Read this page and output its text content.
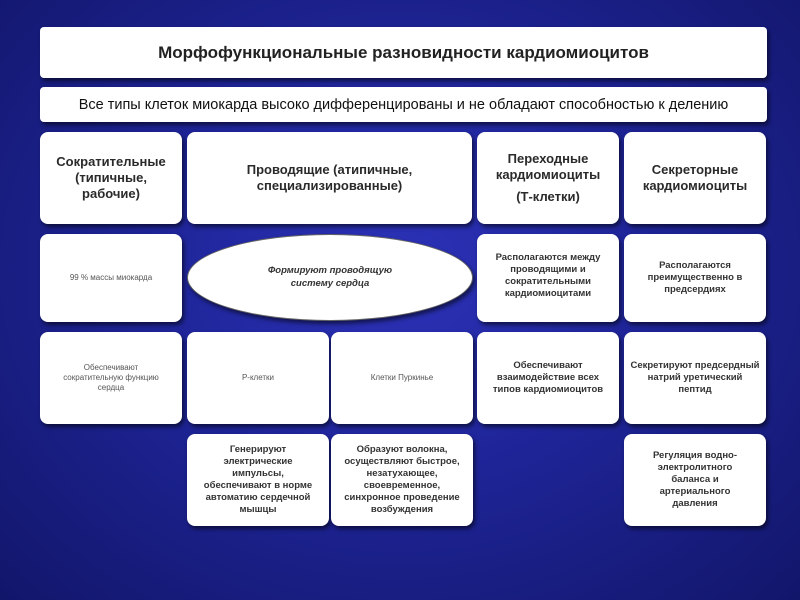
Морфофункциональные разновидности кардиомиоцитов
Все типы клеток миокарда высоко дифференцированы и не обладают способностью к делению
Сократительные (типичные, рабочие)
Проводящие (атипичные, специализированные)

Переходные кардиомиоциты

(Т-клетки)

Секреторные кардиомиоциты
99 % массы миокарда
Формируют проводящую систему сердца
Располагаются между проводящими и сократительными кардиомиоцитами
Располагаются преимущественно в предсердиях
Обеспечивают сократительную функцию сердца
Р-клетки	Клетки Пуркинье
Обеспечивают взаимодействие всех типов кардиомиоцитов
Секретируют предсердный натрий уретический пептид
Генерируют электрические импульсы, обеспечивают в норме автоматию сердечной мышцы
Образуют волокна, осуществляют быстрое, незатухающее, своевременное, синхронное проведение возбуждения
Регуляция водно-электролитного баланса и артериального давления
